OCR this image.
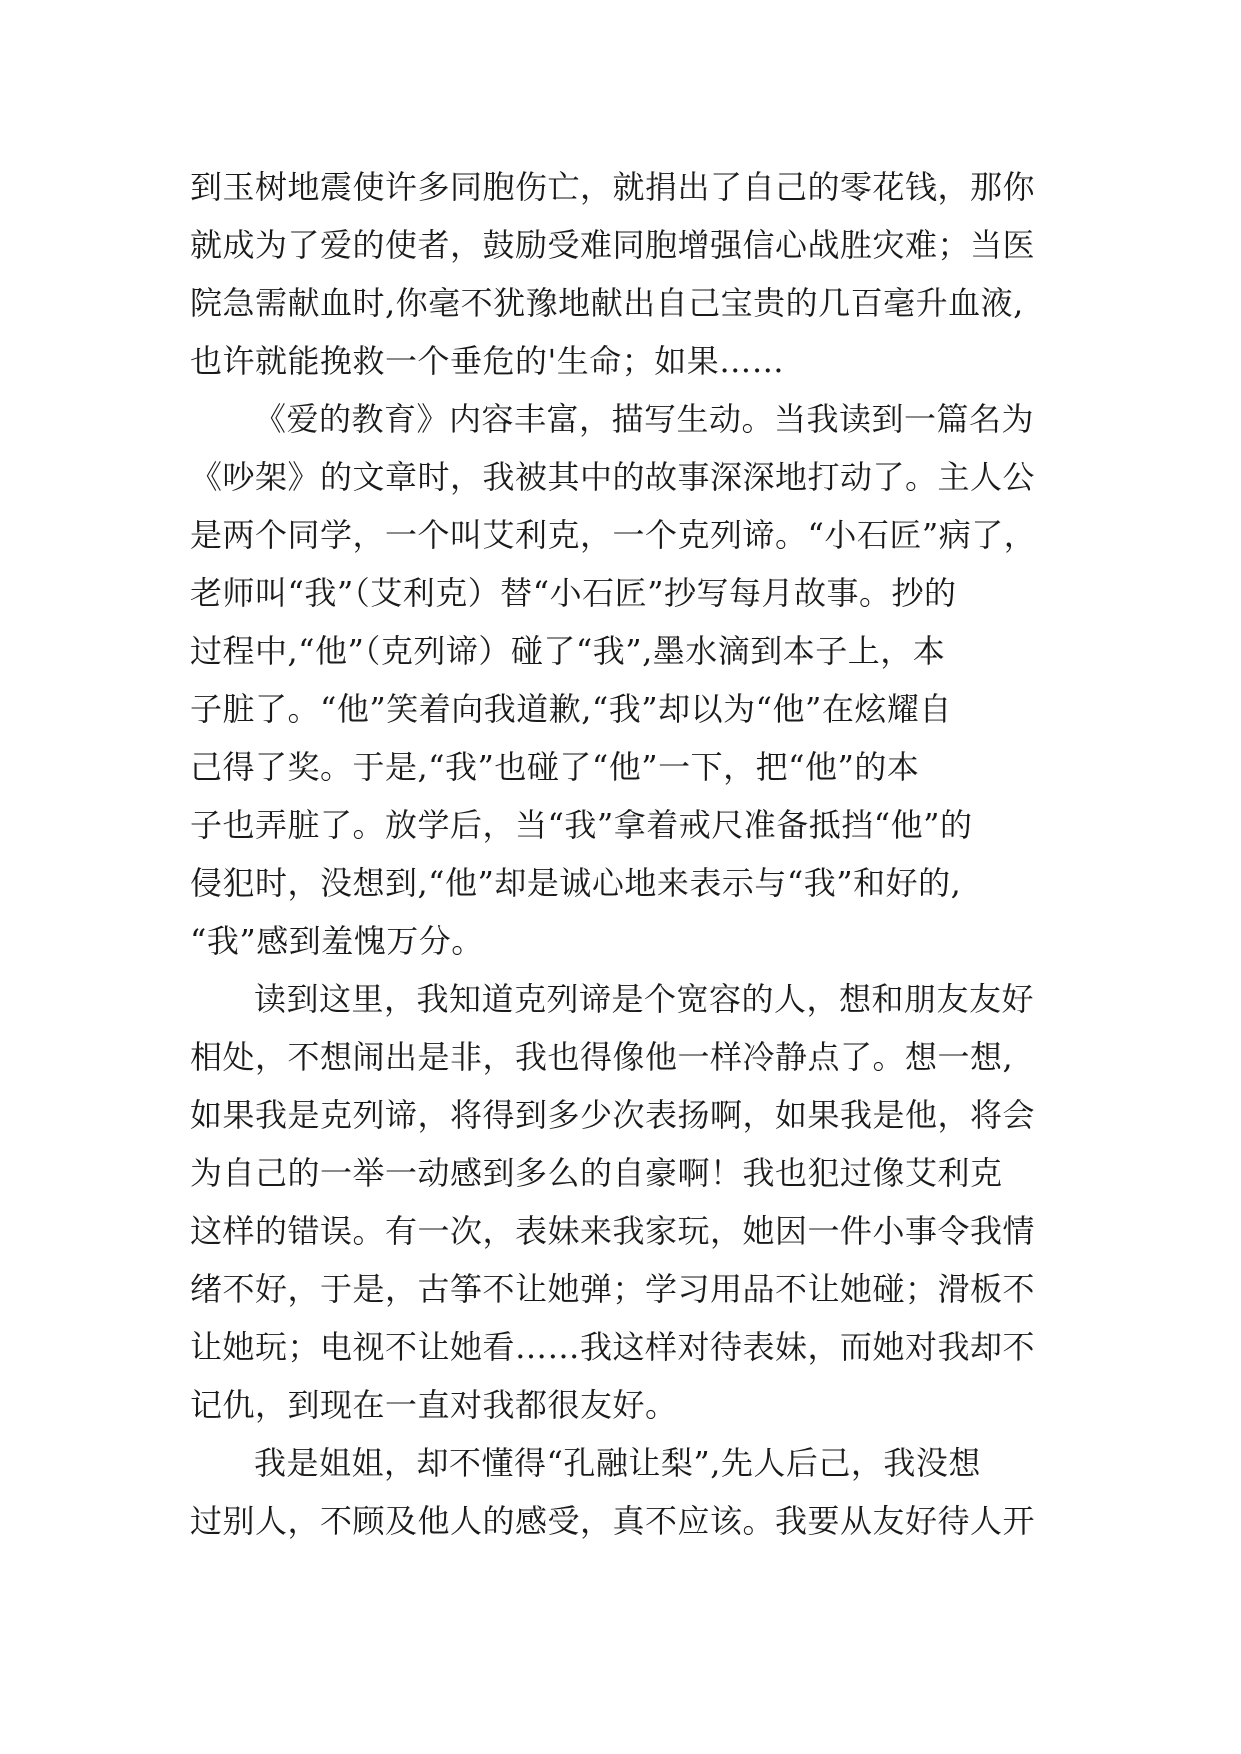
到玉树地震使许多同胞伤亡，就捐出了自己的零花钱，那你
就成为了爱的使者，鼓励受难同胞增强信心战胜灾难；当医
院急需献血时,你毫不犹豫地献出自己宝贵的几百毫升血液,
也许就能挽救一个垂危的'生命；如果……
《爱的教育》内容丰富，描写生动。当我读到一篇名为
《吵架》的文章时，我被其中的故事深深地打动了。主人公
是两个同学，一个叫艾利克，一个克列谛。“小石匠”病了，
老师叫“我”（艾利克）替“小石匠”抄写每月故事。抄的
过程中,“他”（克列谛）碰了“我”,墨水滴到本子上，本
子脏了。“他”笑着向我道歉,“我”却以为“他”在炫耀自
己得了奖。于是,“我”也碰了“他”一下，把“他”的本
子也弄脏了。放学后，当“我”拿着戒尺准备抵挡“他”的
侵犯时，没想到,“他”却是诚心地来表示与“我”和好的,
“我”感到羞愧万分。
读到这里，我知道克列谛是个宽容的人，想和朋友友好
相处，不想闹出是非，我也得像他一样冷静点了。想一想,
如果我是克列谛，将得到多少次表扬啊，如果我是他，将会
为自己的一举一动感到多么的自豪啊！我也犯过像艾利克
这样的错误。有一次，表妹来我家玩，她因一件小事令我情
绪不好，于是，古筝不让她弹；学习用品不让她碰；滑板不
让她玩；电视不让她看……我这样对待表妹，而她对我却不
记仇，到现在一直对我都很友好。
我是姐姐，却不懂得“孔融让梨”,先人后己，我没想
过别人，不顾及他人的感受，真不应该。我要从友好待人开
